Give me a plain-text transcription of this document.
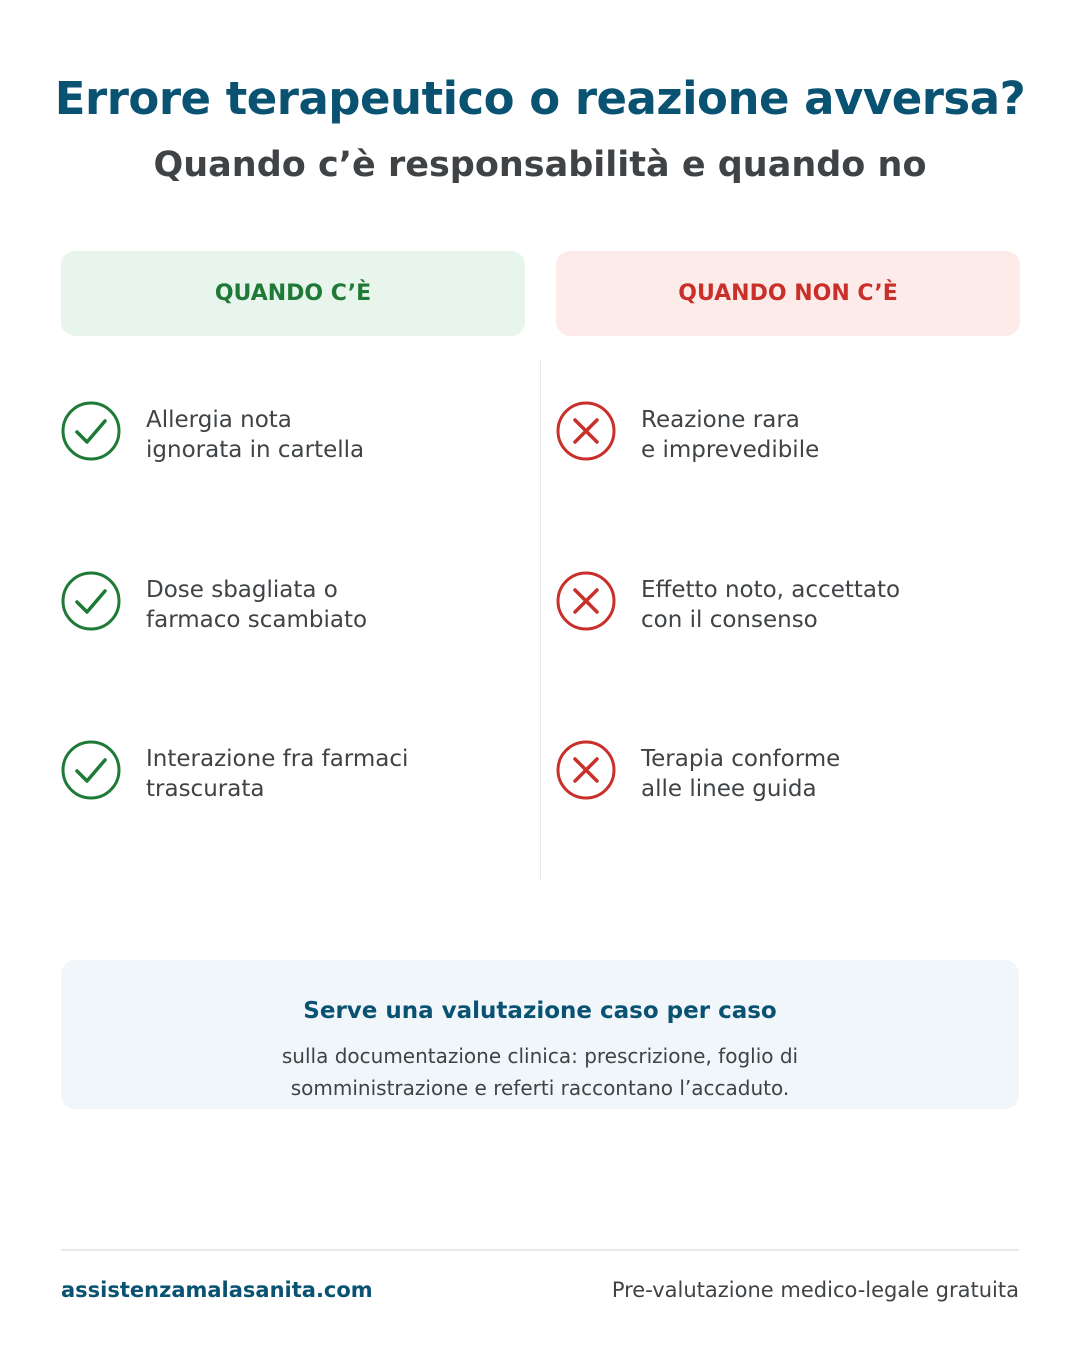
Errore terapeutico o reazione avversa?
Quando c’è responsabilità e quando no
QUANDO C’È	QUANDO NON C’È
Allergia nota
ignorata in cartella
Dose sbagliata o
farmaco scambiato
Interazione fra farmaci
trascurata
Reazione rara
e imprevedibile
Effetto noto, accettato
con il consenso
Terapia conforme
alle linee guida
Serve una valutazione caso per caso
sulla documentazione clinica: prescrizione, foglio di
somministrazione e referti raccontano l’accaduto.
assistenzamalasanita.com	Pre-valutazione medico-legale gratuita
